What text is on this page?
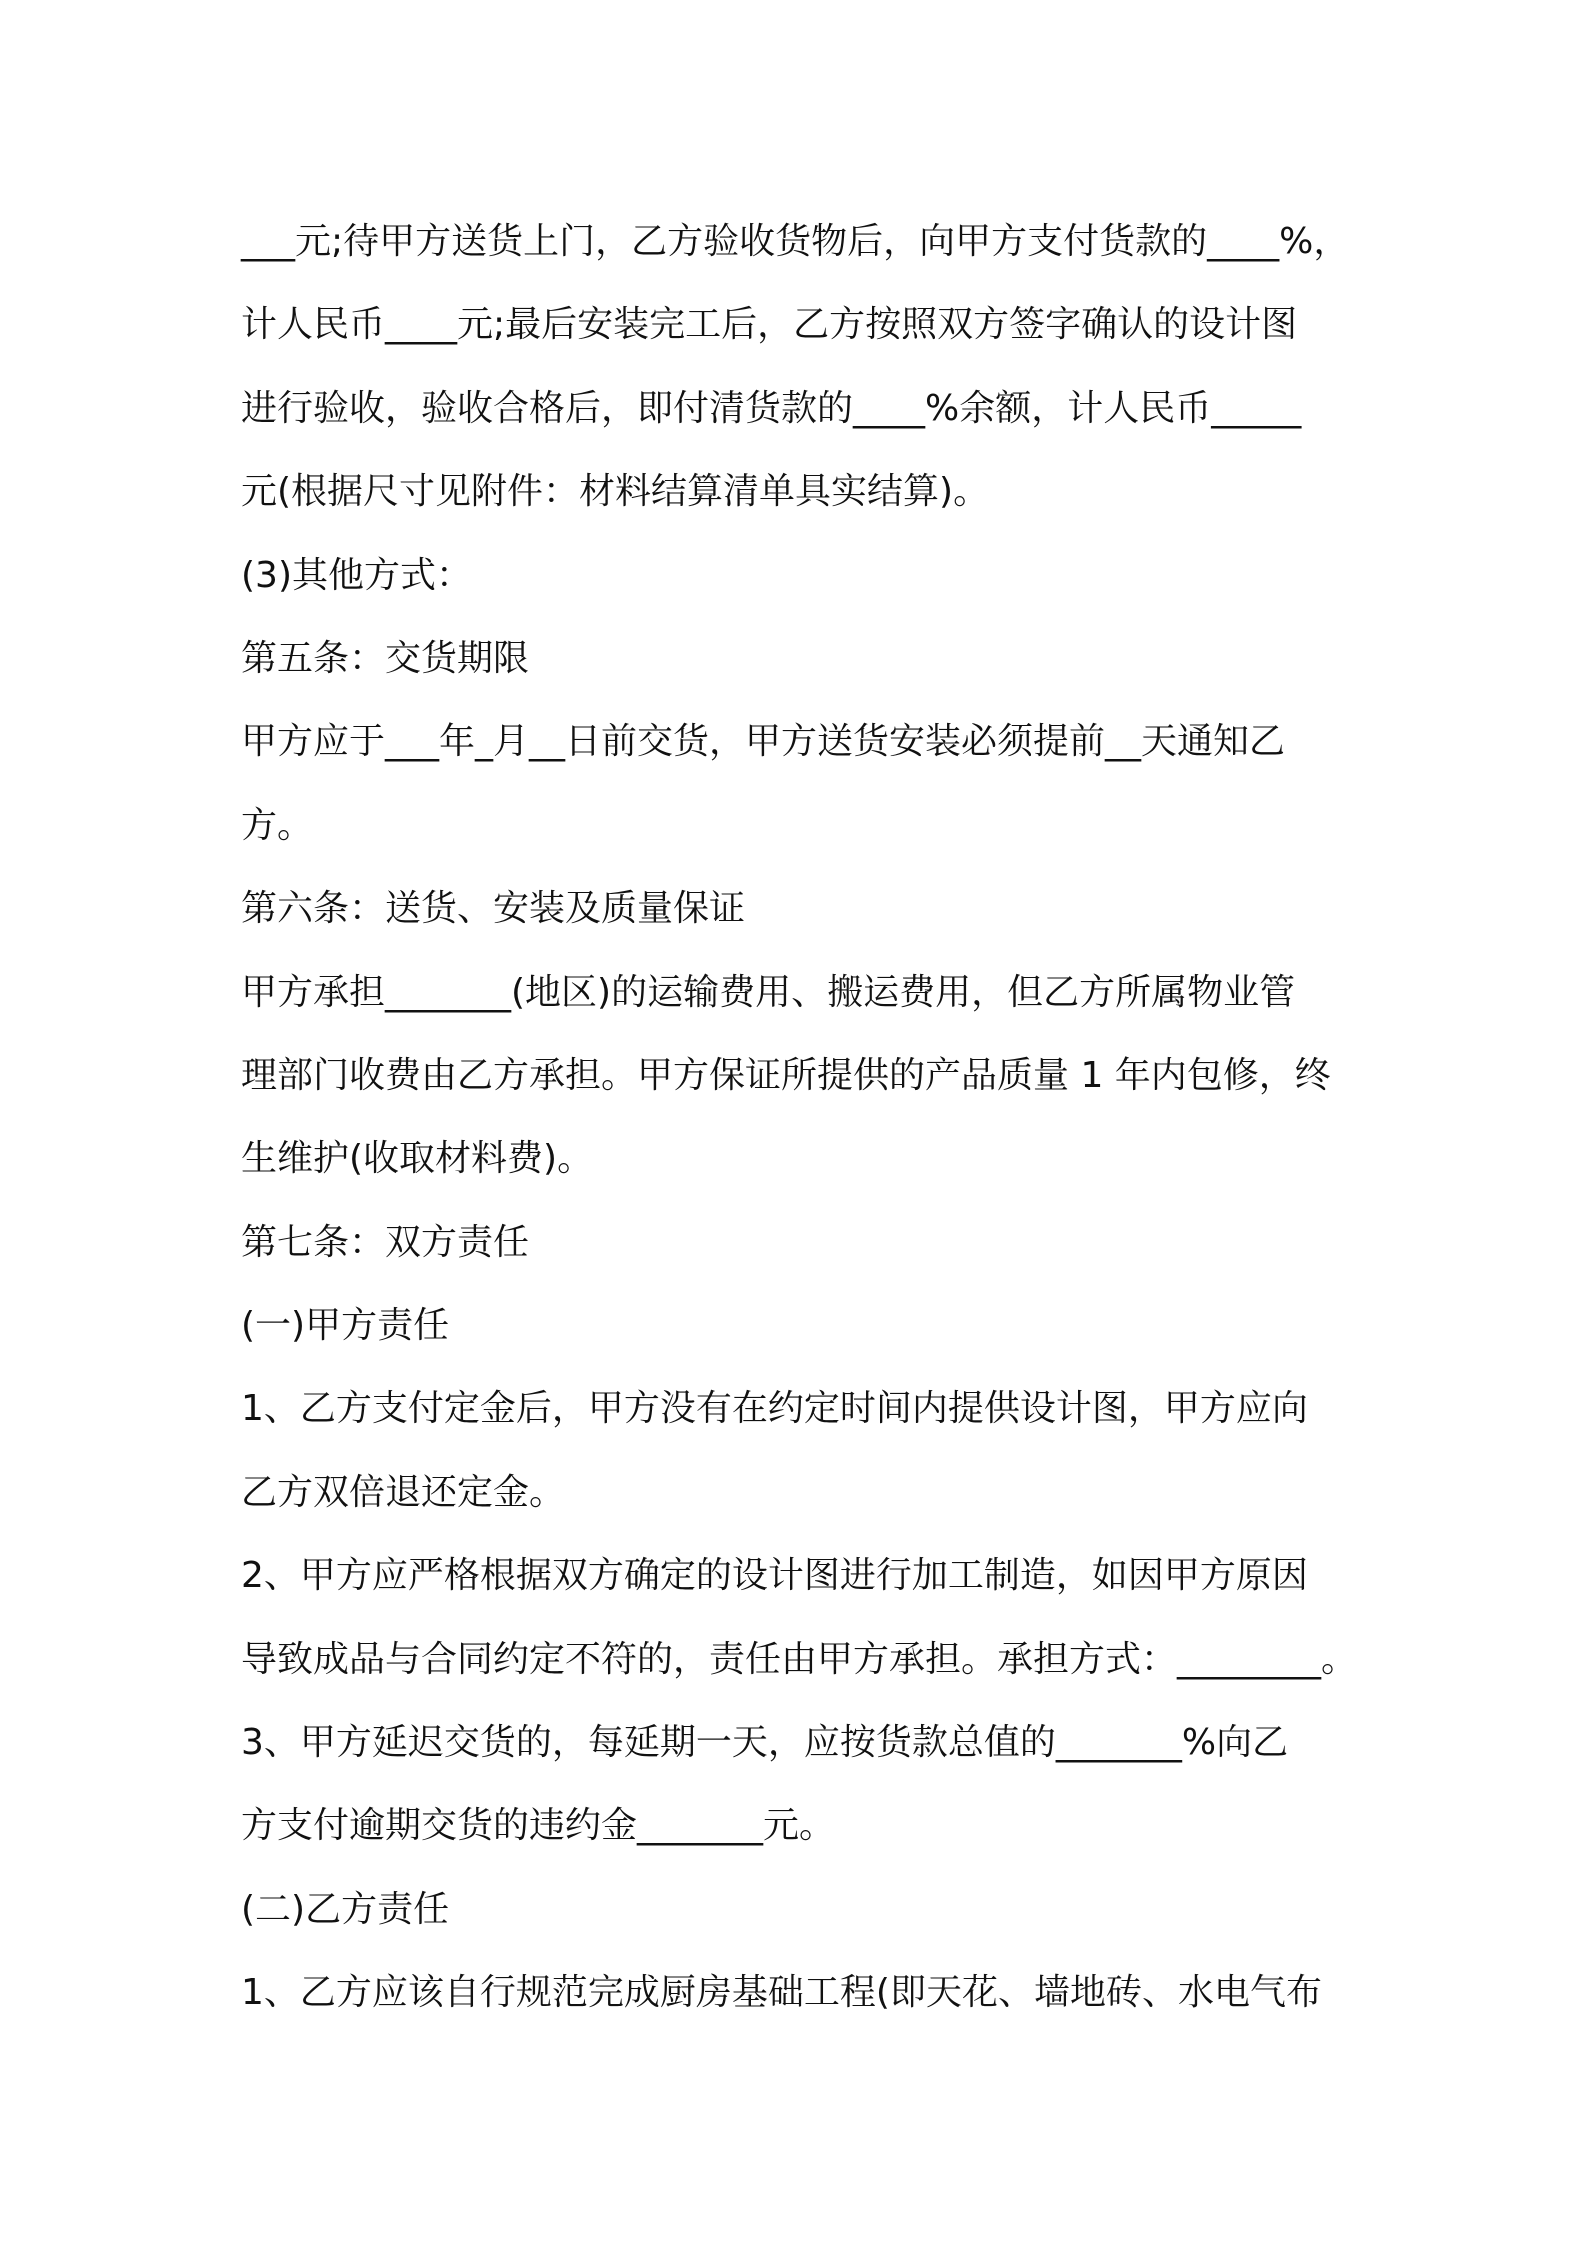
___元;待甲方送货上门，乙方验收货物后，向甲方支付货款的____%，
计人民币____元;最后安装完工后，乙方按照双方签字确认的设计图
进行验收，验收合格后，即付清货款的____%余额，计人民币_____
元(根据尺寸见附件：材料结算清单具实结算)。
(3)其他方式：
第五条：交货期限
甲方应于___年_月__日前交货，甲方送货安装必须提前__天通知乙
方。
第六条：送货、安装及质量保证
甲方承担_______(地区)的运输费用、搬运费用，但乙方所属物业管
理部门收费由乙方承担。甲方保证所提供的产品质量 1 年内包修，终
生维护(收取材料费)。
第七条：双方责任
(一)甲方责任
1、乙方支付定金后，甲方没有在约定时间内提供设计图，甲方应向
乙方双倍退还定金。
2、甲方应严格根据双方确定的设计图进行加工制造，如因甲方原因
导致成品与合同约定不符的，责任由甲方承担。承担方式：________。
3、甲方延迟交货的，每延期一天，应按货款总值的_______%向乙
方支付逾期交货的违约金_______元。
(二)乙方责任
1、乙方应该自行规范完成厨房基础工程(即天花、墙地砖、水电气布
